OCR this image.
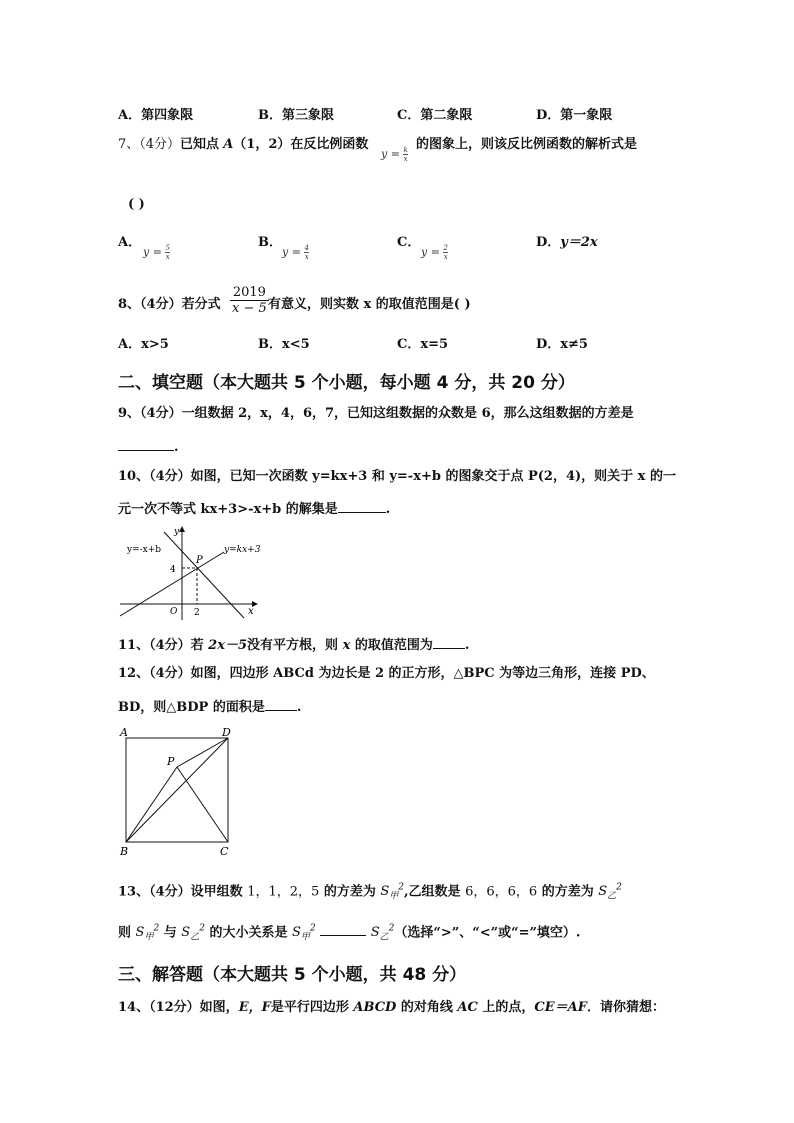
A．第四象限	B．第三象限	C．第二象限	D．第一象限
7、（4分）已知点 A（1，2）在反比例函数
$y = \frac{k}{x}$
的图象上，则该反比例函数的解析式是
( )
A．
$y = \frac{5}{x}$
B．
$y = \frac{4}{x}$
C．
$y = \frac{2}{x}$
D．y＝2x
8、（4分）若分式 $\frac{2019}{x - 5}$ 有意义，则实数 x 的取值范围是( )
A．x>5	B．x<5	C．x=5	D．x≠5
二、填空题（本大题共 5 个小题，每小题 4 分，共 20 分）
9、（4分）一组数据 2，x，4，6，7，已知这组数据的众数是 6，那么这组数据的方差是
.
10、（4分）如图，已知一次函数 y=kx+3 和 y=-x+b 的图象交于点 P(2，4)，则关于 x 的一
元一次不等式 kx+3>-x+b 的解集是	.
y=-x+b	y=kx+3
P
y
x
O
4
2
11、（4分）若 2x－5没有平方根，则 x 的取值范围为 .
12、（4分）如图，四边形 ABCd 为边长是 2 的正方形，△BPC 为等边三角形，连接 PD、
BD，则△BDP 的面积是 .
A	D
B	C
P
13、（4分）设甲组数 1，1，2，5 的方差为 $S_甲^2$,乙组数是 6，6，6，6 的方差为 $S_乙^2$
则 $S_甲^2$ 与 $S_乙^2$ 的大小关系是 $S_甲^2$	$S_乙^2$（选择“>”、“<”或“=”填空）.
三、解答题（本大题共 5 个小题，共 48 分）
14、（12分）如图，E，F是平行四边形 ABCD 的对角线 AC 上的点，CE＝AF．请你猜想：
